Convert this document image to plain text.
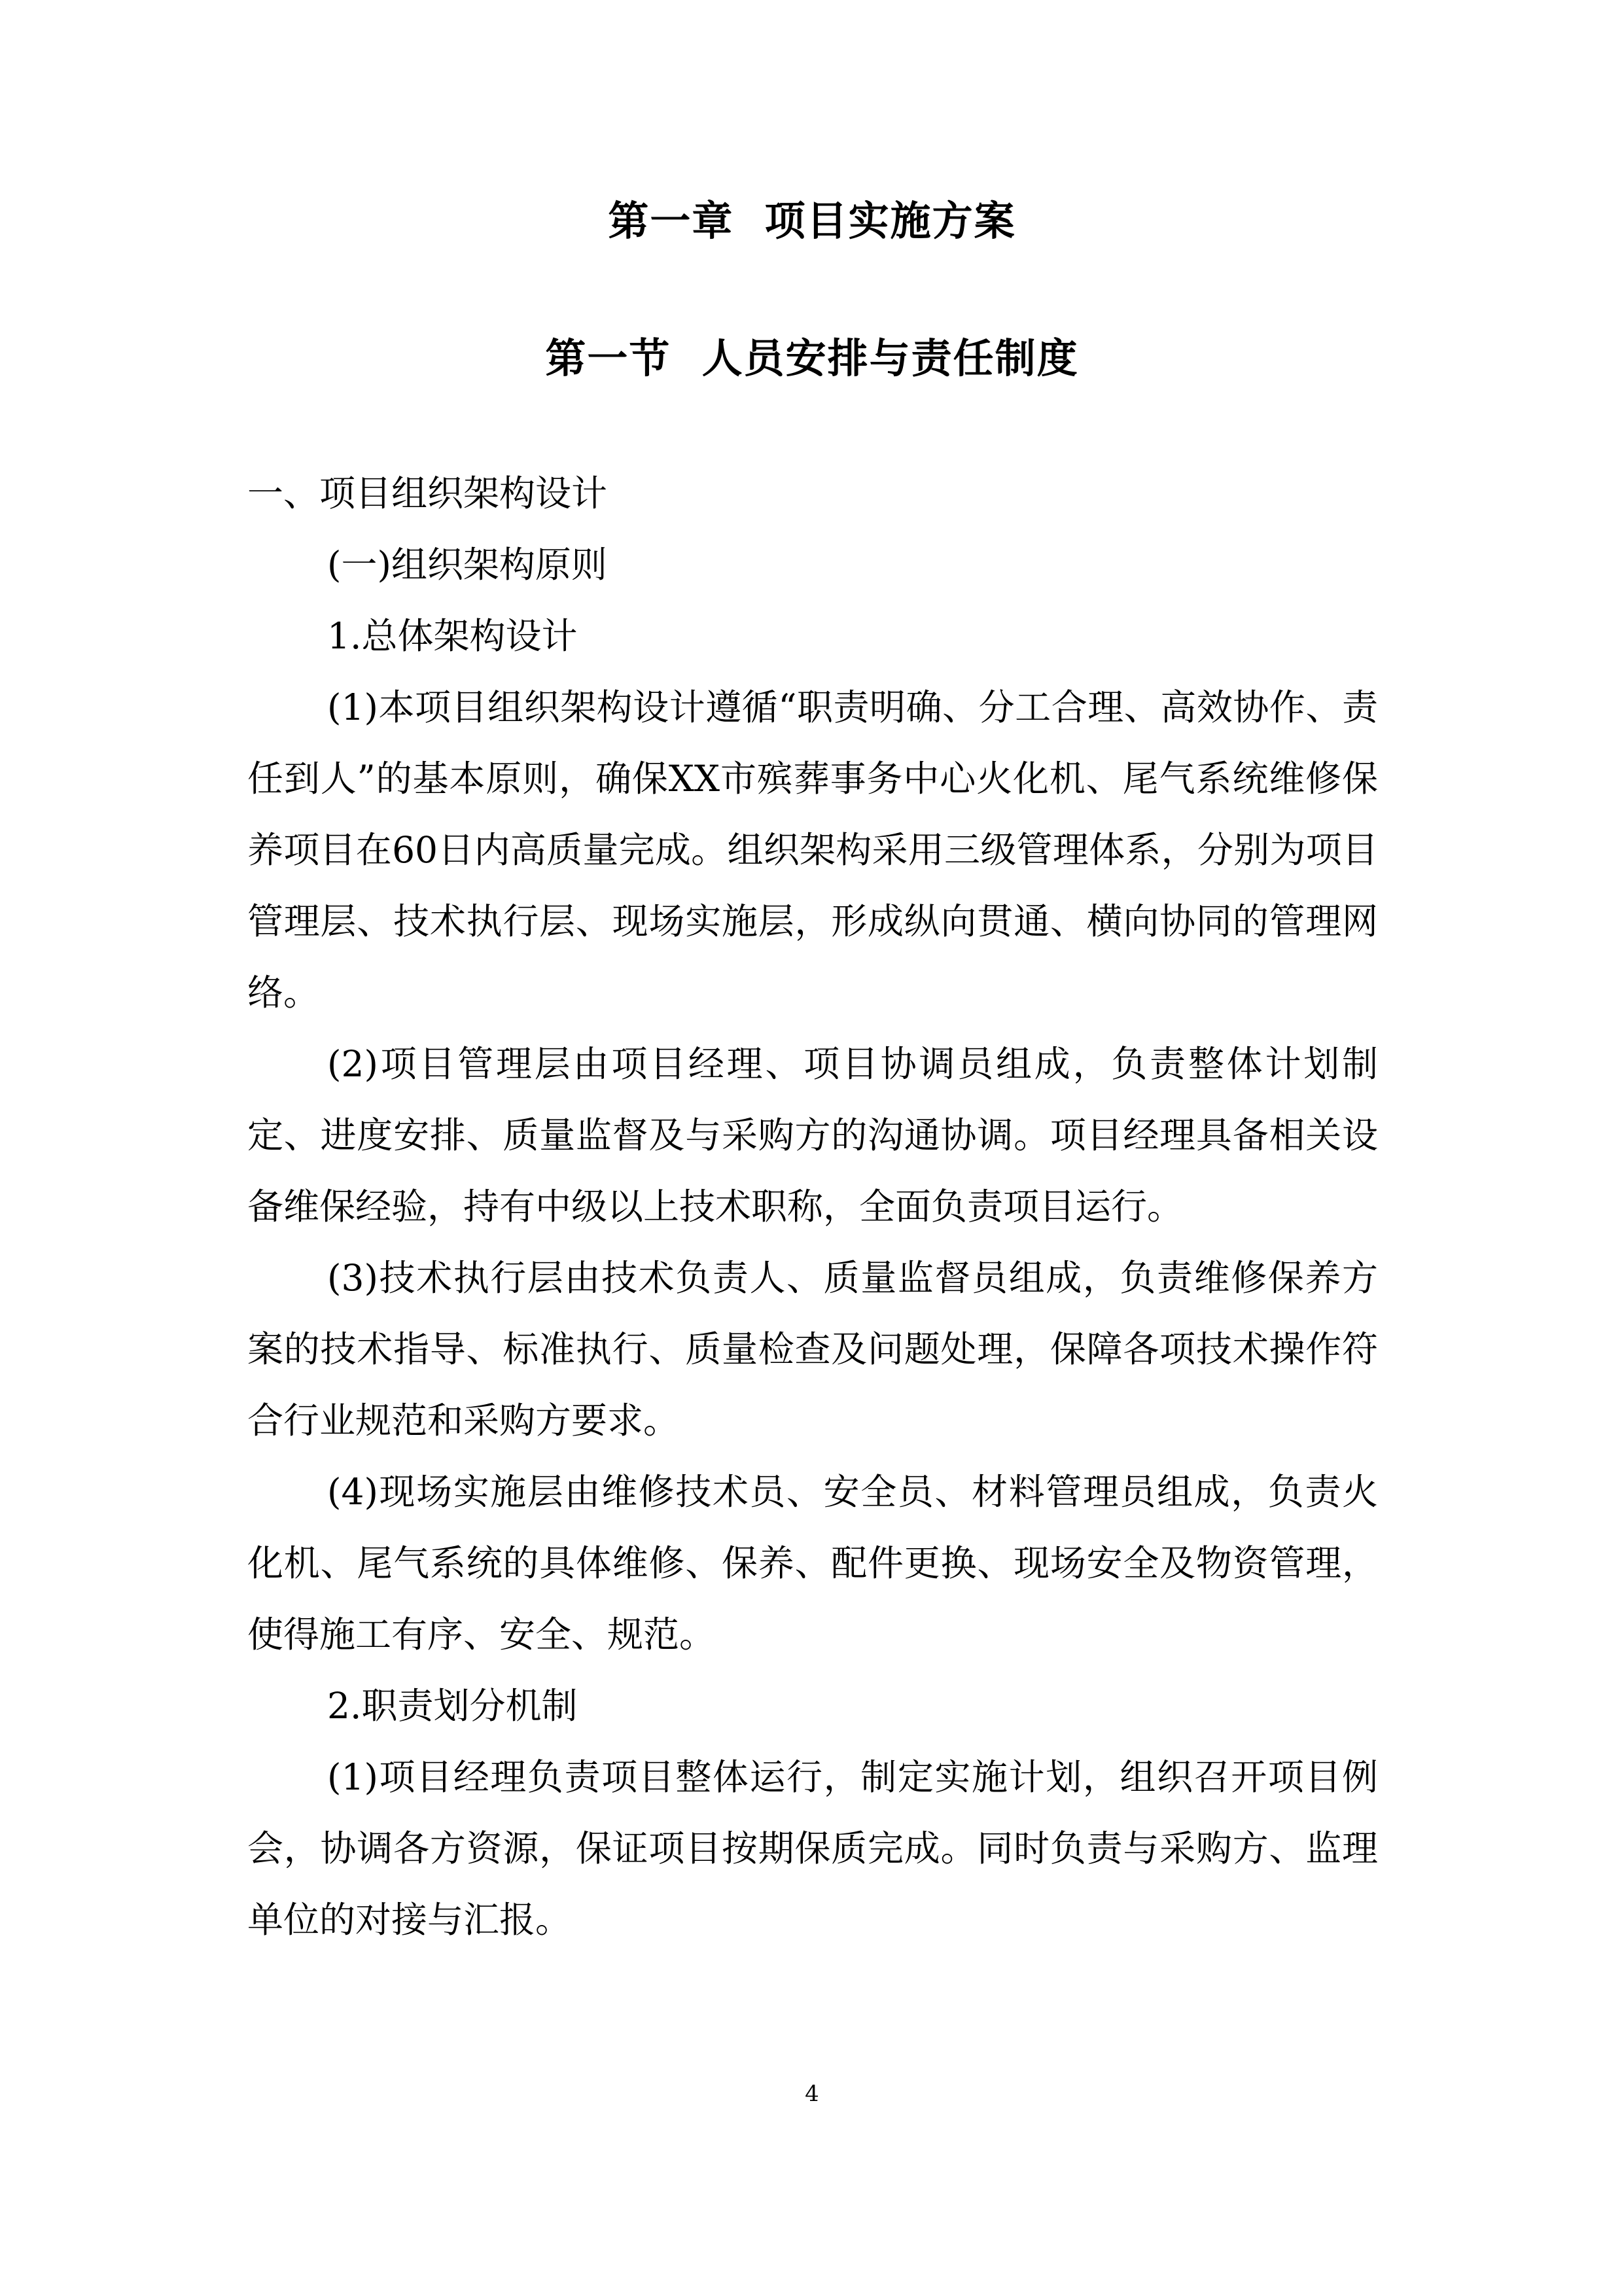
第一章  项目实施方案
第一节  人员安排与责任制度

一、项目组织架构设计

(一)组织架构原则

1.总体架构设计

(1)本项目组织架构设计遵循“职责明确、分工合理、高效协作、责任到人”的基本原则，确保XX市殡葬事务中心火化机、尾气系统维修保养项目在60日内高质量完成。组织架构采用三级管理体系，分别为项目管理层、技术执行层、现场实施层，形成纵向贯通、横向协同的管理网络。

(2)项目管理层由项目经理、项目协调员组成，负责整体计划制定、进度安排、质量监督及与采购方的沟通协调。项目经理具备相关设备维保经验，持有中级以上技术职称，全面负责项目运行。

(3)技术执行层由技术负责人、质量监督员组成，负责维修保养方案的技术指导、标准执行、质量检查及问题处理，保障各项技术操作符合行业规范和采购方要求。

(4)现场实施层由维修技术员、安全员、材料管理员组成，负责火化机、尾气系统的具体维修、保养、配件更换、现场安全及物资管理，使得施工有序、安全、规范。

2.职责划分机制

(1)项目经理负责项目整体运行，制定实施计划，组织召开项目例会，协调各方资源，保证项目按期保质完成。同时负责与采购方、监理单位的对接与汇报。

4
